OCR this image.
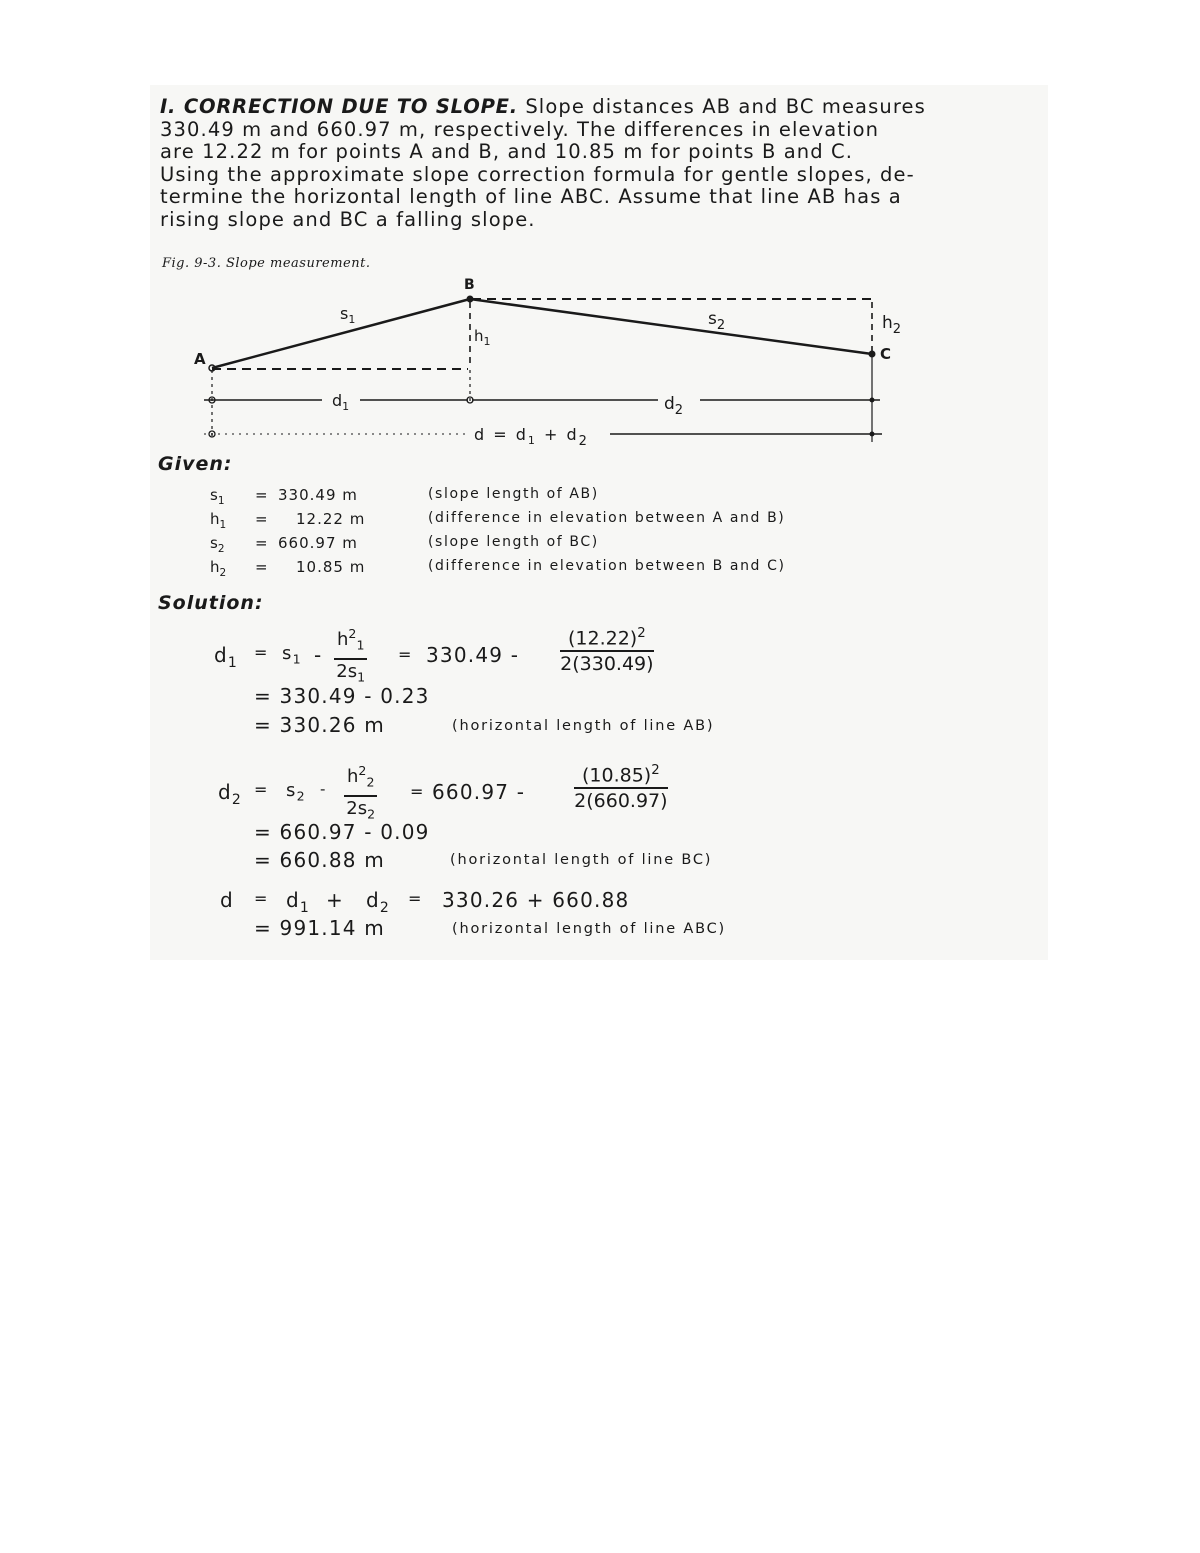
I. CORRECTION DUE TO SLOPE. Slope distances AB and BC measures
330.49 m and 660.97 m, respectively. The differences in elevation
are 12.22 m for points A and B, and 10.85 m for points B and C.
Using the approximate slope correction formula for gentle slopes, de-
termine the horizontal length of line ABC. Assume that line AB has a
rising slope and BC a falling slope.
Fig. 9-3. Slope measurement.
A
B
C
$s_1$	$s_2$
$h_1$
$h_2$
$d_1$	$d_2$
$d = d_1 + d_2$
Given:
$s_1$	= 330.49 m	(slope length of AB)
$h_1$	= 12.22 m	(difference in elevation between A and B)
$s_2$	= 660.97 m	(slope length of BC)
$h_2$	= 10.85 m	(difference in elevation between B and C)
Solution:
$d_1$
= $s_1 - \frac{h^2_1}{2s_1} = 330.49 - \frac{(12.22)^2}{2(330.49)}$
= 330.49 - 0.23
= 330.26 m	(horizontal length of line AB)
$d_2$
= $s_2 - \frac{h^2_2}{2s_2} = 660.97$ -	$\frac{(10.85)^2}{2(660.97)}$
= 660.97 - 0.09
= 660.88 m	(horizontal length of line BC)
$d = d_1 + d_2 = 330.26 + 660.88$
= 991.14 m	(horizontal length of line ABC)
